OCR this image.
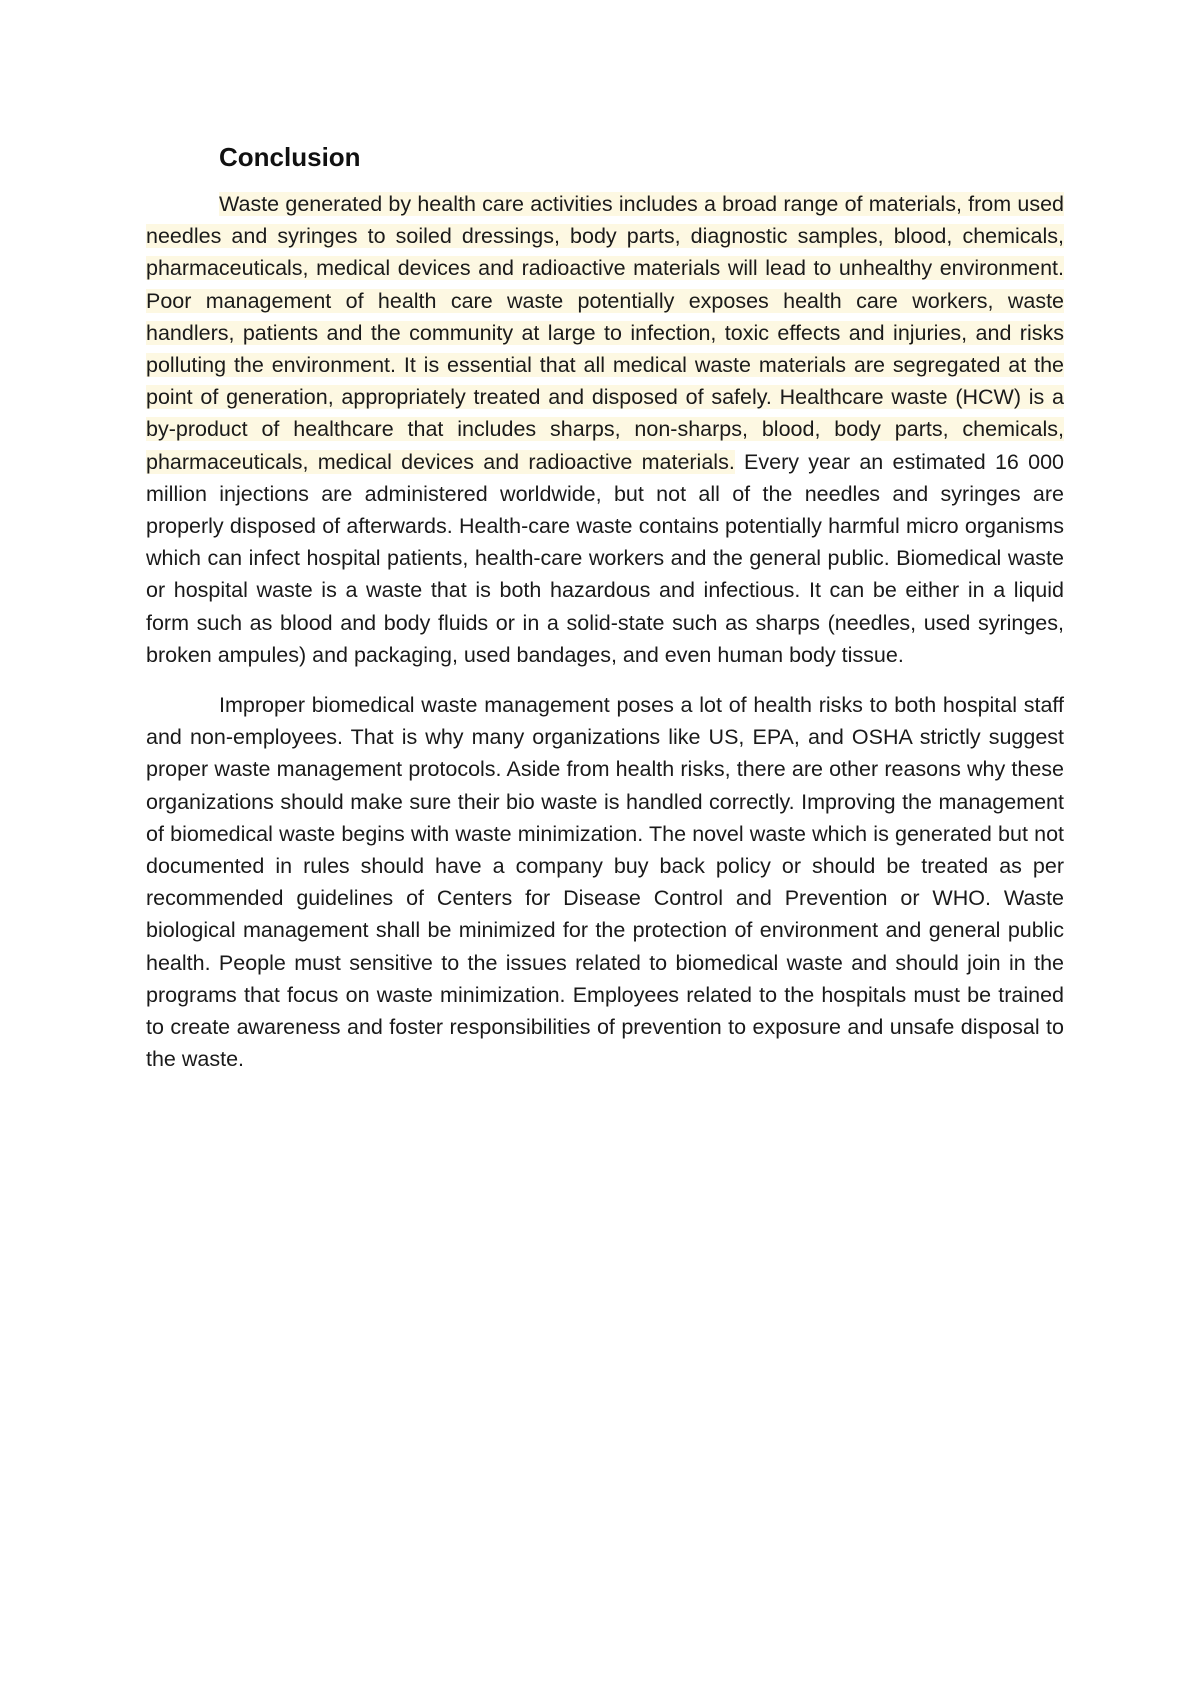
Conclusion

Waste generated by health care activities includes a broad range of materials, from used needles and syringes to soiled dressings, body parts, diagnostic samples, blood, chemicals, pharmaceuticals, medical devices and radioactive materials will lead to unhealthy environment. Poor management of health care waste potentially exposes health care workers, waste handlers, patients and the community at large to infection, toxic effects and injuries, and risks polluting the environment. It is essential that all medical waste materials are segregated at the point of generation, appropriately treated and disposed of safely. Healthcare waste (HCW) is a by-product of healthcare that includes sharps, non-sharps, blood, body parts, chemicals, pharmaceuticals, medical devices and radioactive materials. Every year an estimated 16 000 million injections are administered worldwide, but not all of the needles and syringes are properly disposed of afterwards. Health-care waste contains potentially harmful micro organisms which can infect hospital patients, health-care workers and the general public. Biomedical waste or hospital waste is a waste that is both hazardous and infectious. It can be either in a liquid form such as blood and body fluids or in a solid-state such as sharps (needles, used syringes, broken ampules) and packaging, used bandages, and even human body tissue.

Improper biomedical waste management poses a lot of health risks to both hospital staff and non-employees. That is why many organizations like US, EPA, and OSHA strictly suggest proper waste management protocols. Aside from health risks, there are other reasons why these organizations should make sure their bio waste is handled correctly. Improving the management of biomedical waste begins with waste minimization. The novel waste which is generated but not documented in rules should have a company buy back policy or should be treated as per recommended guidelines of Centers for Disease Control and Prevention or WHO. Waste biological management shall be minimized for the protection of environment and general public health. People must sensitive to the issues related to biomedical waste and should join in the programs that focus on waste minimization. Employees related to the hospitals must be trained to create awareness and foster responsibilities of prevention to exposure and unsafe disposal to the waste.
